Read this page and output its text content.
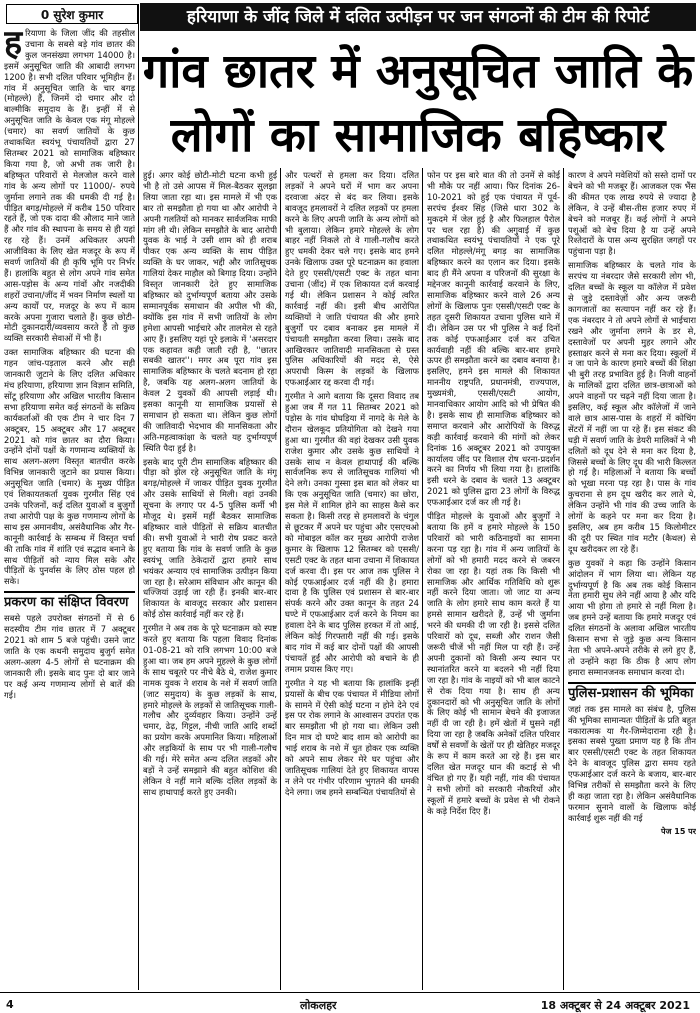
0 सुरेश कुमार	हरियाणा के जींद जिले में दलित उत्पीड़न पर जन संगठनों की टीम की रिपोर्ट
गांव छातर में अनुसूचित जाति के लोगों का सामाजिक बहिष्कार
ह रियाणा के जिला जींद की तहसील उचाना के सबसे बड़े गांव छातर की कुल जनसंख्या लगभग 14000 है। इसमें अनुसूचित जाति की आबादी लगभग 1200 है। सभी दलित परिवार भूमिहीन हैं। गांव में अनुसूचित जाति के चार बगड़ (मोहल्ले) हैं, जिनमें दो चमार और दो बाल्मीकि समुदाय के हैं। इन्हीं में से अनुसूचित जाति के केवल एक मंगू मोहल्ले (चमार) का सवर्ण जातियों के कुछ तथाकथित स्वयंभू पंचायतियों द्वारा 27 सितम्बर 2021 को सामाजिक बहिष्कार किया गया है, जो अभी तक जारी है। बहिष्कृत परिवारों से मेलजोल करने वाले गांव के अन्य लोगों पर 11000/- रुपये जुर्माना लगाने तक की धमकी दी गई है। पीड़ित बगड़/मोहल्ले में करीब 150 परिवार रहते हैं, जो एक दादा की औलाद माने जाते हैं और गांव की स्थापना के समय से ही यहां रह रहे हैं। उनमें अधिकतर अपनी आजीविका के लिए खेत मजदूर के रूप में सवर्ण जातियों की ही कृषि भूमि पर निर्भर हैं। हालांकि बहुत से लोग अपने गांव समेत आस-पड़ोस के अन्य गांवों और नजदीकी शहरों उचाना/जींद में भवन निर्माण स्थलों या अन्य कार्यों पर, मजदूर के रूप में काम करके अपना गुजारा चलाते हैं। कुछ छोटी-मोटी दुकानदारी/व्यवसाय करते हैं तो कुछ व्यक्ति सरकारी सेवाओं में भी हैं।

उक्त सामाजिक बहिष्कार की घटना की गहन जांच-पड़ताल करने और सही जानकारी जुटाने के लिए दलित अधिकार मंच हरियाणा, हरियाणा ज्ञान विज्ञान समिति, सोंटू हरियाणा और अखिल भारतीय किसान सभा हरियाणा समेत कई संगठनों के सक्रिय कार्यकर्ताओं की एक टीम ने चार दिन 7 अक्टूबर, 15 अक्टूबर और 17 अक्टूबर 2021 को गांव छातर का दौरा किया। उन्होंने दोनों पक्षों के गणमान्य व्यक्तियों के साथ अलग-अलग विस्तृत बातचीत करके विभिन्न जानकारी जुटाने का प्रयास किया। अनुसूचित जाति (चमार) के मुख्य पीड़ित एवं शिकायतकर्ता युवक गुरमीत सिंह एवं उनके परिजनों, कई दलित युवाओं व बुजुर्गों तथा आरोपी पक्ष के कुछ गणमान्य लोगों के साथ इस अमानवीय, असंवैधानिक और गैर-कानूनी कार्रवाई के सम्बन्ध में विस्तृत चर्चा की ताकि गांव में शांति एवं सद्भाव बनाने के साथ पीड़ितों को न्याय मिल सके और पीड़ितों के पुनर्वास के लिए ठोस पहल हो सके।

प्रकरण का संक्षिप्त विवरण

सबसे पहले उपरोक्त संगठनों में से 6 सदस्यीय टीम गांव छातर में 7 अक्टूबर 2021 को शाम 5 बजे पहुंची। उसने जाट जाति के एक कथनी समुदाय बुजुर्ग समेत अलग-अलग 4-5 लोगों से घटनाक्रम की जानकारी ली। इसके बाद पुनः दो बार जाने पर कई अन्य गणमान्य लोगों से बातें की गई।

हुई। अगर कोई छोटी-मोटी घटना कभी हुई भी है तो उसे आपस में मिल-बैठकर सुलझा लिया जाता रहा था। इस मामले में भी एक बार तो समझौता हो गया था और आरोपी ने अपनी गलतियों को मानकर सार्वजनिक माफी मांग ली थी। लेकिन समझौते के बाद आरोपी युवक के भाई ने उसी शाम को ही शराब पीकर एक अन्य व्यक्ति के साथ पीड़ित व्यक्ति के घर जाकर, भद्दी और जातिसूचक गालियां देकर माहौल को बिगाड़ दिया। उन्होंने विस्तृत जानकारी देते हुए सामाजिक बहिष्कार को दुर्भाग्यपूर्ण बताया और उसके सम्मानपूर्वक समाधान की अपील भी की, क्योंकि इस गांव में सभी जातियों के लोग हमेशा आपसी भाईचारे और तालमेल से रहते आए हैं। इसलिए यहां पूरे इलाके में 'असरदार एक कहावत कही जाती रही है, ''छातर सबकी खातर''। मगर अब पूरा गांव इस सामाजिक बहिष्कार के चलते बदनाम हो रहा है, जबकि यह अलग-अलग जातियों के केवल 2 युवकों की आपसी लड़ाई थी। इसका कानूनी या सामाजिक प्रयासों से समाधान हो सकता था। लेकिन कुछ लोगों की जातिवादी भेदभाव की मानसिकता और अति-महत्वाकांक्षा के चलते यह दुर्भाग्यपूर्ण स्थिति पैदा हुई है।

इसके बाद पूरी टीम सामाजिक बहिष्कार की पीड़ा को झेल रहे अनुसूचित जाति के मंगू बगड़/मोहल्ले में जाकर पीड़ित युवक गुरमीत और उसके साथियों से मिली। वहां उनकी सूचना के लगाए पर 4-5 पुलिस कर्मी भी मौजूद थे। इसमें महीं बैठकर सामाजिक बहिष्कार वाले पीड़ितों से सक्रिय बातचीत की। सभी युवाओं ने भारी रोष प्रकट करते हुए बताया कि गांव के सवर्ण जाति के कुछ स्वयंभू जाति ठेकेदारों द्वारा हमारे साथ भयंकर अन्याय एवं सामाजिक उत्पीड़न किया जा रहा है। सरेआम संविधान और कानून की धज्जियां उड़ाई जा रही हैं। इनकी बार-बार शिकायत के बावजूद सरकार और प्रशासन कोई ठोस कार्रवाई नहीं कर रहे हैं।

गुरमीत ने अब तक के पूरे घटनाक्रम को स्पष्ट करते हुए बताया कि पहला विवाद दिनांक 01-08-21 को रात्रि लगभग 10:00 बजे हुआ था। जब हम अपने मुहल्ले के कुछ लोगों के साथ चबूतरे पर नीचे बैठे थे, राजेश कुमार नामक युवक ने शराब के नशे में सवर्ण जाति (जाट समुदाय) के कुछ लड़कों के साथ, हमारे मोहल्ले के लड़कों से जातिसूचक गाली-गलौच और दुर्व्यवहार किया। उन्होंने उन्हें चमार, ढेढ़, गिट्टल, नीची जाति आदि शब्दों का प्रयोग करके अपमानित किया। महिलाओं और लड़कियों के साथ पर भी गाली-गलौच की गई। मेरे समेत अन्य दलित लड़कों और बड़ों ने उन्हें समझाने की बहुत कोशिश की लेकिन वे नहीं माने बल्कि दलित लड़कों के साथ हाथापाई करते हुए उनकी।

और पत्थरों से हमला कर दिया। दलित लड़कों ने अपने घरों में भाग कर अपना दरवाजा अंदर से बंद कर लिया। इसके बावजूद हमलावरों ने दलित लड़कों पर हमला करने के लिए अपनी जाति के अन्य लोगों को भी बुलाया। लेकिन हमारे मोहल्ले के लोग बाहर नहीं निकले तो वे गाली-गलौच करते हुए धमकी देकर चले गए। इसके बाद हमने उनके खिलाफ उक्त पूरे घटनाक्रम का हवाला देते हुए एससी/एसटी एक्ट के तहत थाना उचाना (जींद) में एक शिकायत दर्ज करवाई गई थी। लेकिन प्रशासन ने कोई त्वरित कार्रवाई नहीं की। इसी बीच आरोपित व्यक्तियों ने जाति पंचायत की और हमारे बुजुर्गों पर दबाव बनाकर इस मामले में पंचायती समझौता करवा लिया। उसके बाद आखिरकार जातिवादी मानसिकता से ग्रस्त पुलिस अधिकारियों की मदद से, ऐसे अपराधी किस्म के लड़कों के खिलाफ एफआईआर रद्द करवा दी गई।

गुरमीत ने आगे बताया कि दूसरा विवाद तब हुआ जब मैं गत 11 सितम्बर 2021 को पड़ोस के गांव घोघड़िया में नागदे के मेले के दौरान खेलकूद प्रतियोगिता को देखने गया हुआ था। गुरमीत की वहां देखकर उसी युवक राजेश कुमार और उसके कुछ साथियों ने उसके साथ न केवल हाथापाई की बल्कि सार्वजनिक रूप से जातिसूचक गालियां भी देने लगे। उनका गुस्सा इस बात को लेकर था कि एक अनुसूचित जाति (चमार) का छोरा, इस मेले में शामिल होने का साहस कैसे कर सकता है। किसी तरह से हमलावरों के चंगुल से छूटकर मैं अपने घर पहुंचा और एसएचओ को मोबाइल कॉल कर मुख्य आरोपी राजेश कुमार के खिलाफ 12 सितम्बर को एससी/एसटी एक्ट के तहत थाना उचाना में शिकायत दर्ज करवा दी। इस पर आज तक पुलिस ने कोई एफआईआर दर्ज नहीं की है। हमारा दावा है कि पुलिस एवं प्रशासन से बार-बार संपर्क करने और उक्त कानून के तहत 24 घण्टे में एफआईआर दर्ज करने के नियम का हवाला देने के बाद पुलिस हरकत में तो आई, लेकिन कोई गिरफ्तारी नहीं की गई। इसके बाद गांव में कई बार दोनों पक्षों की आपसी पंचायतें हुईं और आरोपी को बचाने के ही तमाम प्रयास किए गए।

गुरमीत ने यह भी बताया कि हालांकि इन्हीं प्रयासों के बीच एक पंचायत में मीडिया लोगों के सामने में ऐसी कोई घटना न होने देने एवं इस पर रोक लगाने के आश्वासन उपरांत एक बार समझौता भी हो गया था। लेकिन उसी दिन मात्र दो घण्टे बाद शाम को आरोपी का भाई शराब के नशे में धुत होकर एक व्यक्ति को अपने साथ लेकर मेरे घर पहुंचा और जातिसूचक गालियां देते हुए शिकायत वापस न लेने पर गंभीर परिणाम भुगतने की धमकी देने लगा। जब हमने सम्बन्धित पंचायतियों से

फोन पर इस बारे बात की तो उनमें से कोई भी मौके पर नहीं आया। फिर दिनांक 26-10-2021 को हुई एक पंचायत में पूर्व-सरपंच ईश्वर सिंह (जिसे धारा 302 के मुकदमे में जेल हुई है और फिलहाल पैरोल पर चल रहा है) की अगुवाई में कुछ तथाकथित स्वयंभू पंचायतियों ने एक पूरे दलित मोहल्ले/मंगू बगड़ का सामाजिक बहिष्कार करने का एलान कर दिया। इसके बाद ही मैंने अपना व परिजनों की सुरक्षा के मद्देनजर कानूनी कार्रवाई करवाने के लिए, सामाजिक बहिष्कार करने वाले 26 अन्य लोगों के खिलाफ पुनः एससी/एसटी एक्ट के तहत दूसरी शिकायत उचाना पुलिस थाने में दी। लेकिन उस पर भी पुलिस ने कई दिनों तक कोई एफआईआर दर्ज कर उचित कार्यवाही नहीं की बल्कि बार-बार हमारे ऊपर ही समझौता करने का दबाव बनाया है। इसलिए, हमने इस मामले की शिकायत माननीय राष्ट्रपति, प्रधानमंत्री, राज्यपाल, मुख्यमंत्री, एससी/एसटी आयोग, मानवाधिकार आयोग आदि को भी प्रेषित की है। इसके साथ ही सामाजिक बहिष्कार को समाप्त करवाने और आरोपियों के विरुद्ध कड़ी कार्रवाई करवाने की मांगों को लेकर दिनांक 16 अक्टूबर 2021 को उपायुक्त कार्यालय जींद पर विशाल रोष धरना-प्रदर्शन करने का निर्णय भी लिया गया है। हालांकि इसी धरने के दबाव के चलते 13 अक्टूबर 2021 को पुलिस द्वारा 23 लोगों के विरुद्ध एफआईआर दर्ज कर ली गई है।

पीड़ित मोहल्ले के युवाओं और बुजुर्गों ने बताया कि हमें व हमारे मोहल्ले के 150 परिवारों को भारी कठिनाइयों का सामना करना पड़ रहा है। गांव में अन्य जातियों के लोगों को भी हमारी मदद करने से जबरन रोका जा रहा है। यहां तक कि किसी भी सामाजिक और आर्थिक गतिविधि को शुरू नहीं करने दिया जाता। जो जाट या अन्य जाति के लोग हमारे साथ काम करते हैं या हमसे सामान खरीदते हैं, उन्हें भी जुर्माना भरने की धमकी दी जा रही है। इससे दलित परिवारों को दूध, सब्जी और राशन जैसी जरूरी चीजें भी नहीं मिल पा रही हैं। उन्हें अपनी दुकानों को किसी अन्य स्थान पर स्थानांतरित करने या बदलने भी नहीं दिया जा रहा है। गांव के नाइयों को भी बाल काटने से रोक दिया गया है। साथ ही अन्य दुकानदारों को भी अनुसूचित जाति के लोगों के लिए कोई भी सामान बेचने की इजाजत नहीं दी जा रही है। हमें खेतों में घुसने नहीं दिया जा रहा है जबकि अनेकों दलित परिवार वर्षों से सवर्णों के खेतों पर ही खेतिहर मजदूर के रूप में काम करते आ रहे हैं। इस बार दलित खेत मजदूर धान की कटाई से भी वंचित हो गए हैं। यही नहीं, गांव की पंचायत ने सभी लोगों को सरकारी नौकरियों और स्कूलों में हमारे बच्चों के प्रवेश से भी रोकने के कड़े निर्देश दिए हैं।

कारण वे अपने मवेशियों को सस्ते दामों पर बेचने को भी मजबूर हैं। आजकल एक भैंस की कीमत एक लाख रुपये से ज्यादा है लेकिन, वे उन्हें बीस-तीस हजार रुपए में बेचने को मजबूर हैं। कई लोगों ने अपने पशुओं को बेच दिया है या उन्हें अपने रिश्तेदारों के पास अन्य सुरक्षित जगहों पर पहुंचाना पड़ा है।

सामाजिक बहिष्कार के चलते गांव के सरपंच या नंबरदार जैसे सरकारी लोग भी, दलित बच्चों के स्कूल या कॉलेज में प्रवेश से जुड़े दस्तावेज़ों और अन्य जरूरी कागजातों का सत्यापन नहीं कर रहे हैं। एक नंबरदार ने तो अपने लोगों से भाईचारा रखने और जुर्माना लगने के डर से, दस्तावेजों पर अपनी मुहर लगाने और हस्ताक्षर करने से मना कर दिया। स्कूलों में न जा पाने के कारण हमारे बच्चों की शिक्षा भी बुरी तरह प्रभावित हुई है। निजी वाहनों के मालिकों द्वारा दलित छात्र-छात्राओं को अपने वाहनों पर चढ़ने नहीं दिया जाता है। इसलिए, कई स्कूल और कॉलेजों में जाने वाले छात्र आस-पास के शहरों में कोचिंग सेंटरों में नहीं जा पा रहे हैं। इस संकट की घड़ी में सवर्ण जाति के डेयरी मालिकों ने भी दलितों को दूध देने से मना कर दिया है, जिससे बच्चों के लिए दूध की भारी किल्लत हो गई है। महिलाओं ने बताया कि बच्चों को भूखा मरना पड़ रहा है। पास के गांव कुचराना से हम दूध खरीद कर लाते थे, लेकिन उन्होंने भी गांव की उच्च जाति के लोगों के कहने पर मना कर दिया है। इसलिए, अब हम करीब 15 किलोमीटर की दूरी पर स्थित गांव मटौर (कैथल) से दूध खरीदकर ला रहे हैं।

कुछ युवकों ने कहा कि उन्होंने किसान आंदोलन में भाग लिया था। लेकिन यह दुर्भाग्यपूर्ण है कि अब तक कोई किसान नेता हमारी सुध लेने नहीं आया है और यदि आया भी होगा तो हमारे से नहीं मिला है। जब हमने उन्हें बताया कि हमारे मजदूर एवं दलित संगठनों के अलावा अखिल भारतीय किसान सभा से जुड़े कुछ अन्य किसान नेता भी अपने-अपने तरीके से लगे हुए हैं, तो उन्होंने कहा कि ठीक है आप लोग हमारा सम्मानजनक समाधान करवा दो।

पुलिस-प्रशासन की भूमिका

जहां तक इस मामले का संबंध है, पुलिस की भूमिका सामान्यतः पीड़ितों के प्रति बहुत नकारात्मक या गैर-जिम्मेदाराना रही है। इसका सबसे पुख्ता प्रमाण यह है कि तीन बार एससी/एसटी एक्ट के तहत शिकायत देने के बावजूद पुलिस द्वारा समय रहते एफआईआर दर्ज करने के बजाय, बार-बार विभिन्न तरीकों से समझौता करने के लिए ही कहा जाता रहा है। लेकिन असंवैधानिक फरमान सुनाने वालों के खिलाफ कोई कार्रवाई शुरू नहीं की गई

पेज 15 पर
4	लोकलहर	18 अक्टूबर से 24 अक्टूबर 2021
